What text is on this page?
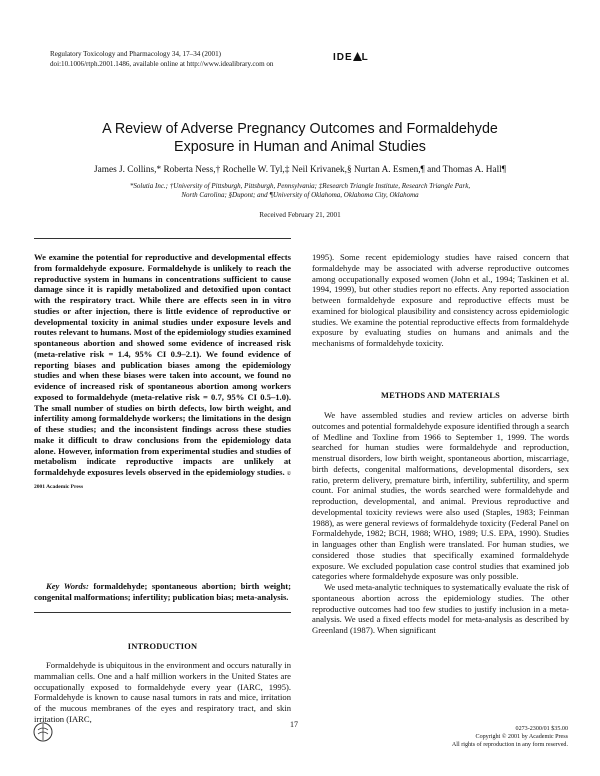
Regulatory Toxicology and Pharmacology 34, 17–34 (2001)
doi:10.1006/rtph.2001.1486, available online at http://www.idealibrary.com on
IDE L
A Review of Adverse Pregnancy Outcomes and Formaldehyde
Exposure in Human and Animal Studies
James J. Collins,* Roberta Ness,† Rochelle W. Tyl,‡ Neil Krivanek,§ Nurtan A. Esmen,¶ and Thomas A. Hall¶
*Solutia Inc.; †University of Pittsburgh, Pittsburgh, Pennsylvania; ‡Research Triangle Institute, Research Triangle Park,
North Carolina; §Dupont; and ¶University of Oklahoma, Oklahoma City, Oklahoma
Received February 21, 2001

We examine the potential for reproductive and developmental effects from formaldehyde exposure. Formaldehyde is unlikely to reach the reproductive system in humans in concentrations sufficient to cause damage since it is rapidly metabolized and detoxified upon contact with the respiratory tract. While there are effects seen in in vitro studies or after injection, there is little evidence of reproductive or developmental toxicity in animal studies under exposure levels and routes relevant to humans. Most of the epidemiology studies examined spontaneous abortion and showed some evidence of increased risk (meta-relative risk = 1.4, 95% CI 0.9–2.1). We found evidence of reporting biases and publication biases among the epidemiology studies and when these biases were taken into account, we found no evidence of increased risk of spontaneous abortion among workers exposed to formaldehyde (meta-relative risk = 0.7, 95% CI 0.5–1.0). The small number of studies on birth defects, low birth weight, and infertility among formaldehyde workers; the limitations in the design of these studies; and the inconsistent findings across these studies make it difficult to draw conclusions from the epidemiology data alone. However, information from experimental studies and studies of metabolism indicate reproductive impacts are unlikely at formaldehyde exposures levels observed in the epidemiology studies. © 2001 Academic Press

Key Words: formaldehyde; spontaneous abortion; birth weight; congenital malformations; infertility; publication bias; meta-analysis.

INTRODUCTION

Formaldehyde is ubiquitous in the environment and occurs naturally in mammalian cells. One and a half million workers in the United States are occupationally exposed to formaldehyde every year (IARC, 1995). Formaldehyde is known to cause nasal tumors in rats and mice, irritation of the mucous membranes of the eyes and respiratory tract, and skin irritation (IARC,

1995). Some recent epidemiology studies have raised concern that formaldehyde may be associated with adverse reproductive outcomes among occupationally exposed women (John et al., 1994; Taskinen et al. 1994, 1999), but other studies report no effects. Any reported association between formaldehyde exposure and reproductive effects must be examined for biological plausibility and consistency across epidemiologic studies. We examine the potential reproductive effects from formaldehyde exposure by evaluating studies on humans and animals and the mechanisms of formaldehyde toxicity.

METHODS AND MATERIALS

We have assembled studies and review articles on adverse birth outcomes and potential formaldehyde exposure identified through a search of Medline and Toxline from 1966 to September 1, 1999. The words searched for human studies were formaldehyde and reproduction, menstrual disorders, low birth weight, spontaneous abortion, miscarriage, birth defects, congenital malformations, developmental disorders, sex ratio, preterm delivery, premature birth, infertility, subfertility, and sperm count. For animal studies, the words searched were formaldehyde and reproduction, developmental, and animal. Previous reproductive and developmental toxicity reviews were also used (Staples, 1983; Feinman 1988), as were general reviews of formaldehyde toxicity (Federal Panel on Formaldehyde, 1982; BCH, 1988; WHO, 1989; U.S. EPA, 1990). Studies in languages other than English were translated. For human studies, we considered those studies that specifically examined formaldehyde exposure. We excluded population case control studies that examined job categories where formaldehyde exposure was only possible.

We used meta-analytic techniques to systematically evaluate the risk of spontaneous abortion across the epidemiology studies. The other reproductive outcomes had too few studies to justify inclusion in a meta-analysis. We used a fixed effects model for meta-analysis as described by Greenland (1987). When significant

17	0273-2300/01 $35.00
Copyright © 2001 by Academic Press
All rights of reproduction in any form reserved.
